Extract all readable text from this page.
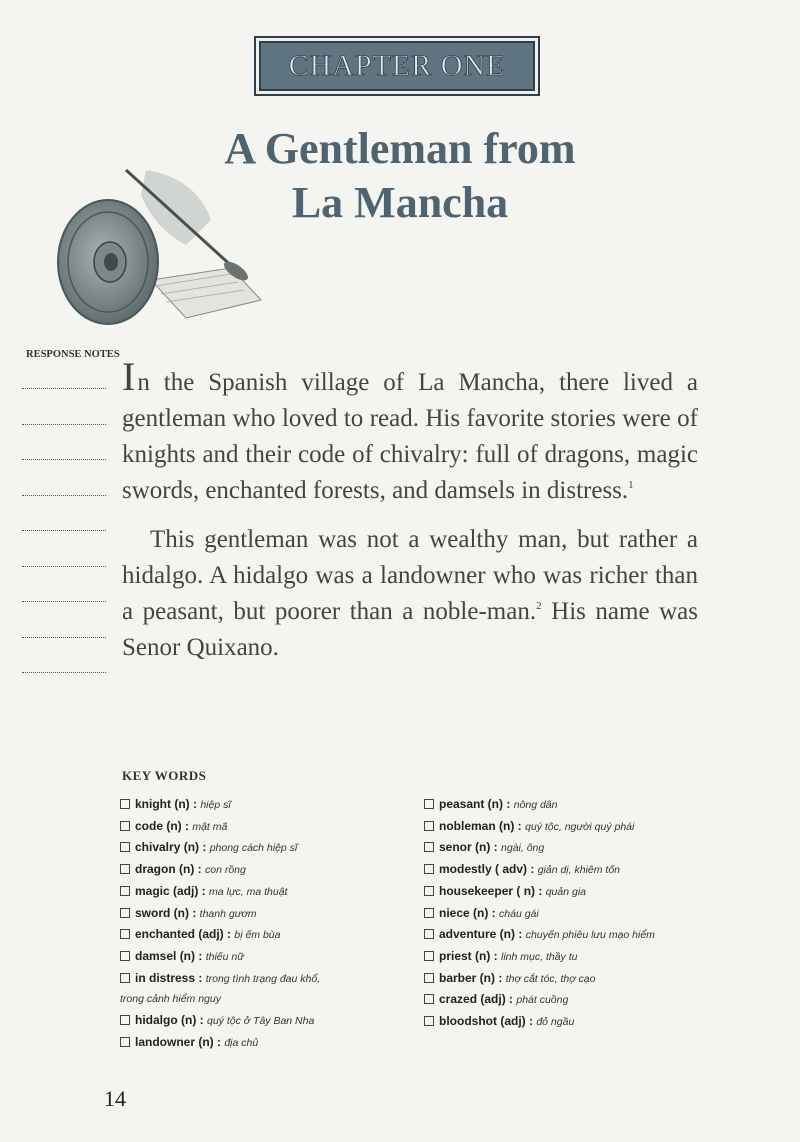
CHAPTER ONE
A Gentleman from
La Mancha
RESPONSE NOTES In the Spanish village of La Mancha, there lived a gentleman who loved to read. His favorite stories were of knights and their code of chivalry: full of dragons, magic swords, enchanted forests, and damsels in distress.$^1$

This gentleman was not a wealthy man, but rather a hidalgo. A hidalgo was a landowner who was richer than a peasant, but poorer than a noble-man.$^2$ His name was Senor Quixano.

KEY WORDS
knight (n) : hiệp sĩ
code (n) : mật mã
chivalry (n) : phong cách hiệp sĩ
dragon (n) : con rồng
magic (adj) : ma lực, ma thuật
sword (n) : thanh gươm
enchanted (adj) : bị ếm bùa
damsel (n) : thiếu nữ
in distress : trong tình trạng đau khổ,
trong cảnh hiểm nguy
hidalgo (n) : quý tộc ở Tây Ban Nha
landowner (n) : địa chủ
peasant (n) : nông dân
nobleman (n) : quý tộc, người quý phái
senor (n) : ngài, ông
modestly ( adv) : giản dị, khiêm tốn
housekeeper ( n) : quản gia
niece (n) : cháu gái
adventure (n) : chuyến phiêu lưu mạo hiểm
priest (n) : linh mục, thầy tu
barber (n) : thợ cắt tóc, thợ cạo
crazed (adj) : phát cuồng
bloodshot (adj) : đỏ ngầu
14
